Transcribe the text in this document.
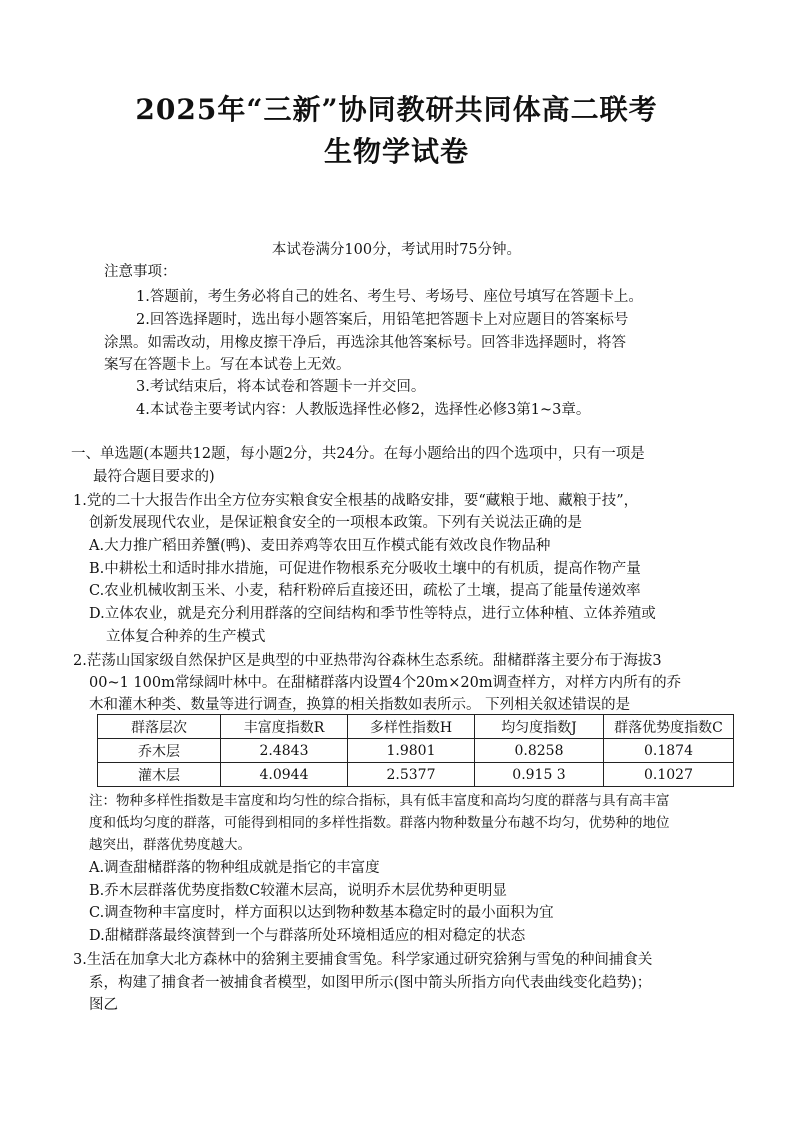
2025年“三新”协同教研共同体高二联考
生物学试卷
本试卷满分100分，考试用时75分钟。
注意事项：
1.答题前，考生务必将自己的姓名、考生号、考场号、座位号填写在答题卡上。
2.回答选择题时，选出每小题答案后，用铅笔把答题卡上对应题目的答案标号
涂黑。如需改动，用橡皮擦干净后，再选涂其他答案标号。回答非选择题时，将答
案写在答题卡上。写在本试卷上无效。
3.考试结束后，将本试卷和答题卡一并交回。
4.本试卷主要考试内容：人教版选择性必修2，选择性必修3第1~3章。
一、单选题(本题共12题，每小题2分，共24分。在每小题给出的四个选项中，只有一项是
最符合题目要求的)
1.党的二十大报告作出全方位夯实粮食安全根基的战略安排，要“藏粮于地、藏粮于技”，
创新发展现代农业，是保证粮食安全的一项根本政策。下列有关说法正确的是
A.大力推广稻田养蟹(鸭)、麦田养鸡等农田互作模式能有效改良作物品种
B.中耕松土和适时排水措施，可促进作物根系充分吸收土壤中的有机质，提高作物产量
C.农业机械收割玉米、小麦，秸秆粉碎后直接还田，疏松了土壤，提高了能量传递效率
D.立体农业，就是充分利用群落的空间结构和季节性等特点，进行立体种植、立体养殖或
立体复合种养的生产模式
2.茫荡山国家级自然保护区是典型的中亚热带沟谷森林生态系统。甜槠群落主要分布于海拔3
00~1 100m常绿阔叶林中。在甜槠群落内设置4个20m×20m调查样方，对样方内所有的乔
木和灌木种类、数量等进行调查，换算的相关指数如表所示。 下列相关叙述错误的是
群落层次	丰富度指数R	多样性指数H	均匀度指数J	群落优势度指数C
乔木层	2.4843	1.9801	0.8258	0.1874
灌木层	4.0944	2.5377	0.915 3	0.1027
注：物种多样性指数是丰富度和均匀性的综合指标，具有低丰富度和高均匀度的群落与具有高丰富
度和低均匀度的群落，可能得到相同的多样性指数。群落内物种数量分布越不均匀，优势种的地位
越突出，群落优势度越大。
A.调查甜槠群落的物种组成就是指它的丰富度
B.乔木层群落优势度指数C较灌木层高，说明乔木层优势种更明显
C.调查物种丰富度时，样方面积以达到物种数基本稳定时的最小面积为宜
D.甜槠群落最终演替到一个与群落所处环境相适应的相对稳定的状态
3.生活在加拿大北方森林中的猞猁主要捕食雪兔。科学家通过研究猞猁与雪兔的种间捕食关
系，构建了捕食者一被捕食者模型，如图甲所示(图中箭头所指方向代表曲线变化趋势)；
图乙
